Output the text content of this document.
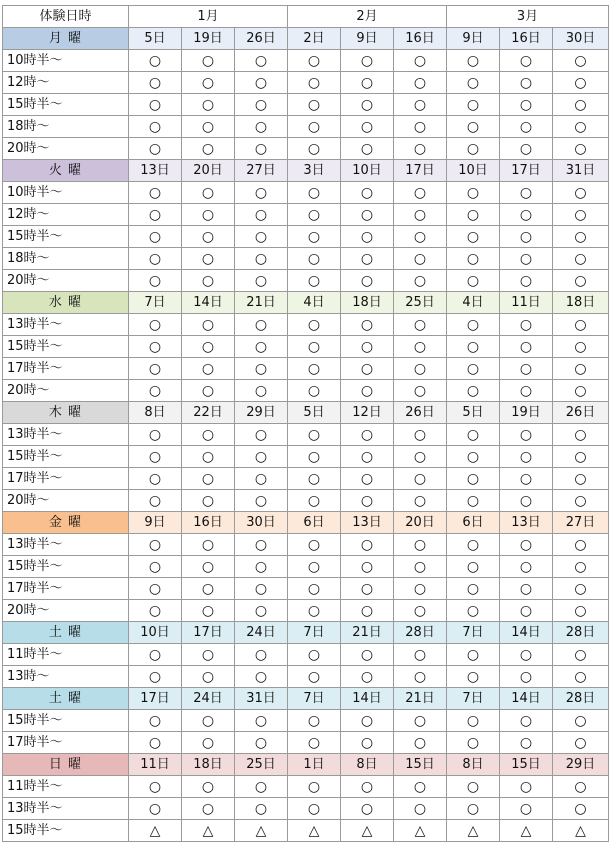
体験日時	1月			2月			3月		
月 曜	5日	19日	26日	2日	9日	16日	9日	16日	30日
10時半～	○	○	○	○	○	○	○	○	○
12時～	○	○	○	○	○	○	○	○	○
15時半～	○	○	○	○	○	○	○	○	○
18時～	○	○	○	○	○	○	○	○	○
20時～	○	○	○	○	○	○	○	○	○
火 曜	13日	20日	27日	3日	10日	17日	10日	17日	31日
10時半～	○	○	○	○	○	○	○	○	○
12時～	○	○	○	○	○	○	○	○	○
15時半～	○	○	○	○	○	○	○	○	○
18時～	○	○	○	○	○	○	○	○	○
20時～	○	○	○	○	○	○	○	○	○
水 曜	7日	14日	21日	4日	18日	25日	4日	11日	18日
13時半～	○	○	○	○	○	○	○	○	○
15時半～	○	○	○	○	○	○	○	○	○
17時半～	○	○	○	○	○	○	○	○	○
20時～	○	○	○	○	○	○	○	○	○
木 曜	8日	22日	29日	5日	12日	26日	5日	19日	26日
13時半～	○	○	○	○	○	○	○	○	○
15時半～	○	○	○	○	○	○	○	○	○
17時半～	○	○	○	○	○	○	○	○	○
20時～	○	○	○	○	○	○	○	○	○
金 曜	9日	16日	30日	6日	13日	20日	6日	13日	27日
13時半～	○	○	○	○	○	○	○	○	○
15時半～	○	○	○	○	○	○	○	○	○
17時半～	○	○	○	○	○	○	○	○	○
20時～	○	○	○	○	○	○	○	○	○
土 曜	10日	17日	24日	7日	21日	28日	7日	14日	28日
11時半～	○	○	○	○	○	○	○	○	○
13時～	○	○	○	○	○	○	○	○	○
土 曜	17日	24日	31日	7日	14日	21日	7日	14日	28日
15時半～	○	○	○	○	○	○	○	○	○
17時半～	○	○	○	○	○	○	○	○	○
日 曜	11日	18日	25日	1日	8日	15日	8日	15日	29日
11時半～	○	○	○	○	○	○	○	○	○
13時半～	○	○	○	○	○	○	○	○	○
15時半～	△	△	△	△	△	△	△	△	△
